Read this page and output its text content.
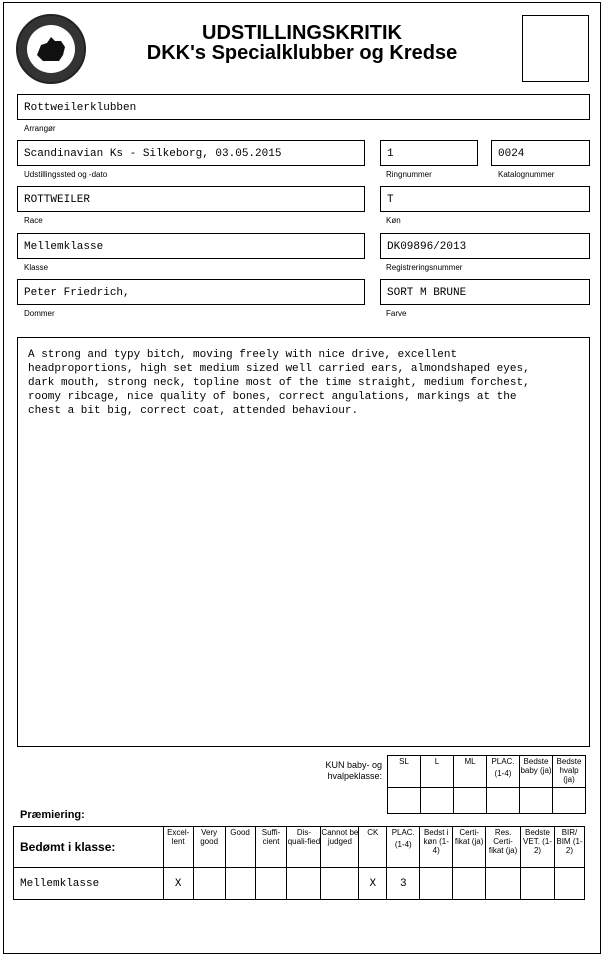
UDSTILLINGSKRITIK
DKK's Specialklubber og Kredse
Rottweilerklubben
Arrangør
Scandinavian Ks - Silkeborg, 03.05.2015
Udstillingssted og -dato
1
Ringnummer
0024
Katalognummer
ROTTWEILER
Race
T
Køn
Mellemklasse
Klasse
DK09896/2013
Registreringsnummer
Peter Friedrich,
Dommer
SORT M BRUNE
Farve
A strong and typy bitch, moving freely with nice drive, excellent
headproportions, high set medium sized well carried ears, almondshaped eyes,
dark mouth, strong neck, topline most of the time straight, medium forchest,
roomy ribcage, nice quality of bones, correct angulations, markings at the
chest a bit big, correct coat, attended behaviour.
KUN baby- og hvalpeklasse:
SL	L	ML	PLAC.
(1-4)	Bedste baby (ja)	Bedste hvalp (ja)

Præmiering:
Bedømt i klasse:	Excel-lent	Very good	Good	Suffi-cient	Dis-quali-fied	Cannot be judged	CK	PLAC.
(1-4)	Bedst i køn (1-4)	Certi-fikat (ja)	Res. Certi-fikat (ja)	Bedste VET. (1-2)	BIR/ BIM (1-2)
Mellemklasse	X						X	3					
